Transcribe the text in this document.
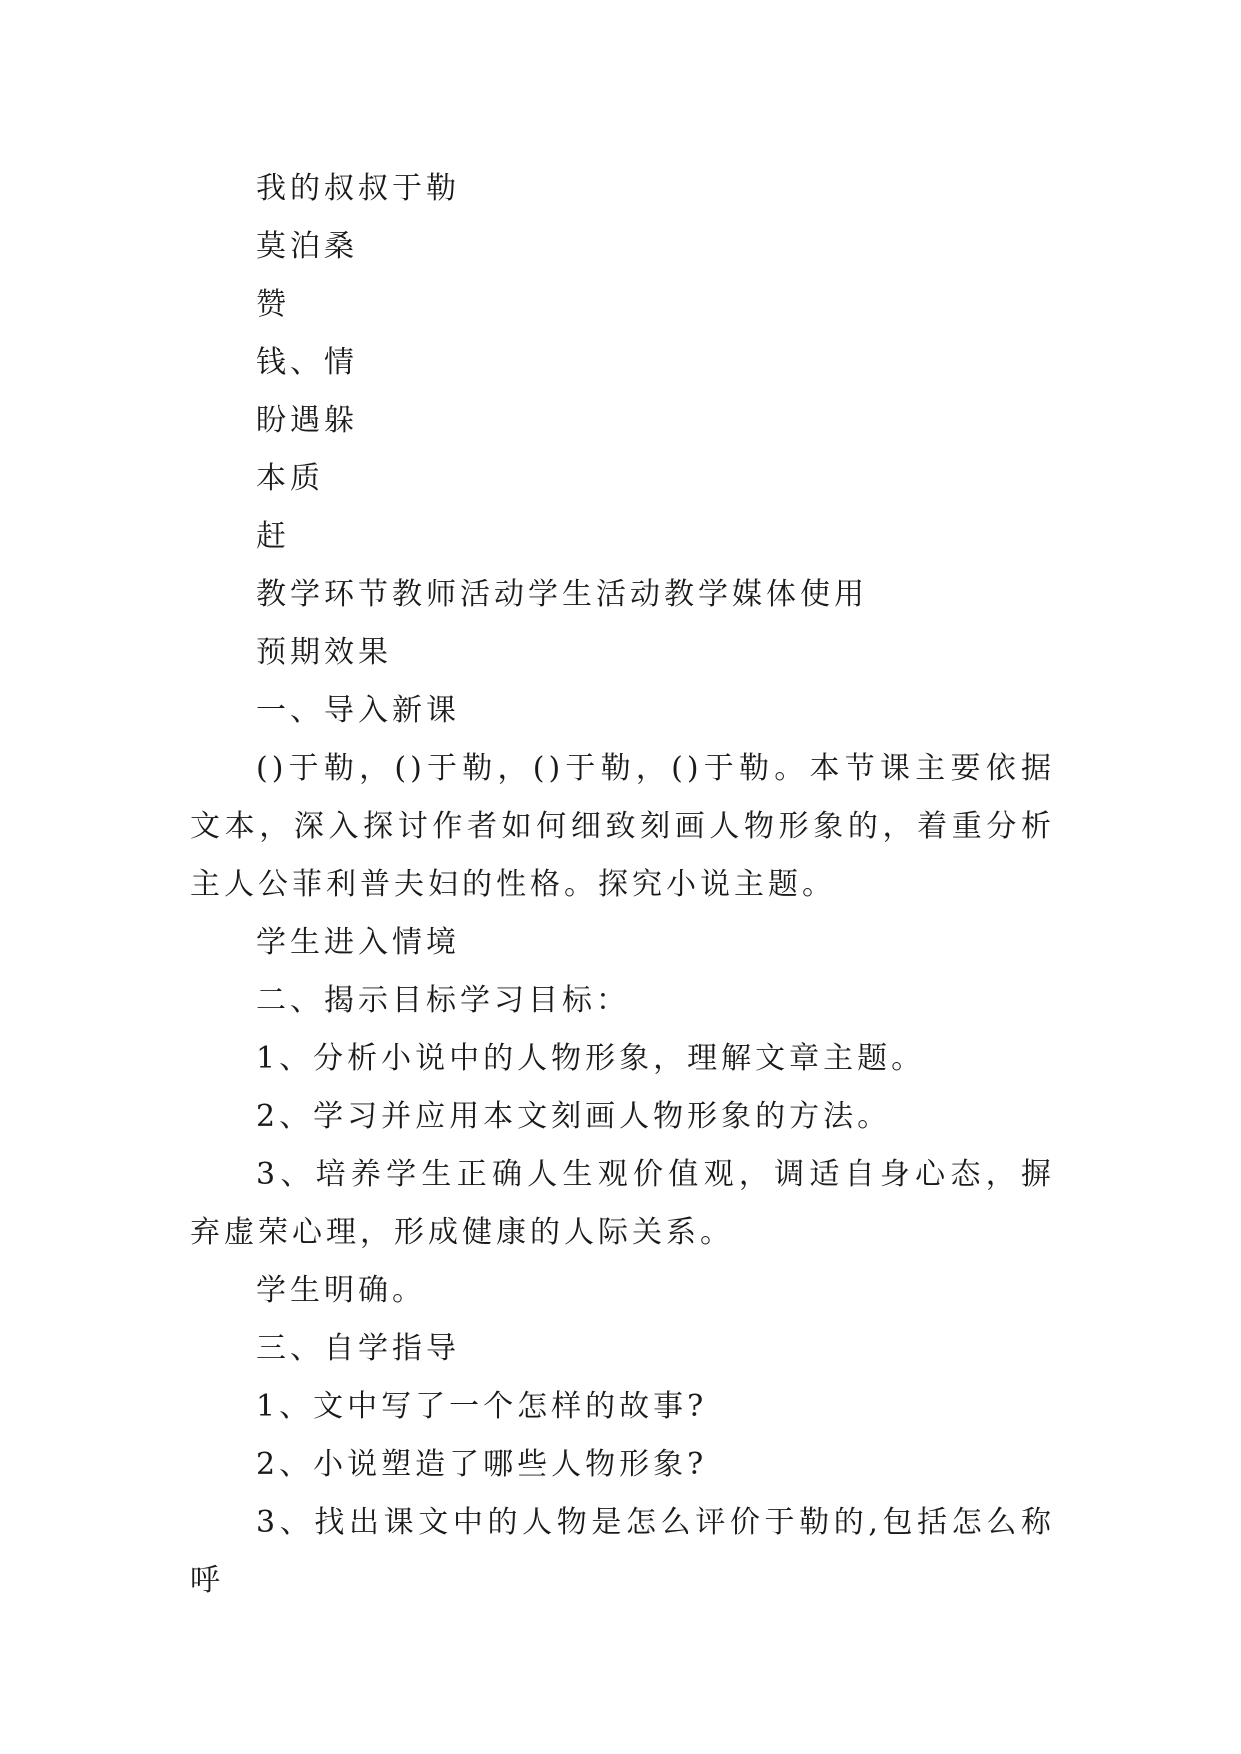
我的叔叔于勒

莫泊桑

赞

钱、情

盼遇躲

本质

赶

教学环节教师活动学生活动教学媒体使用

预期效果

一、导入新课

()于勒，()于勒，()于勒，()于勒。本节课主要依据文本，深入探讨作者如何细致刻画人物形象的，着重分析主人公菲利普夫妇的性格。探究小说主题。

学生进入情境

二、揭示目标学习目标：

1、分析小说中的人物形象，理解文章主题。

2、学习并应用本文刻画人物形象的方法。

3、培养学生正确人生观价值观，调适自身心态，摒弃虚荣心理，形成健康的人际关系。

学生明确。

三、自学指导

1、文中写了一个怎样的故事?

2、小说塑造了哪些人物形象?

3、找出课文中的人物是怎么评价于勒的,包括怎么称呼
